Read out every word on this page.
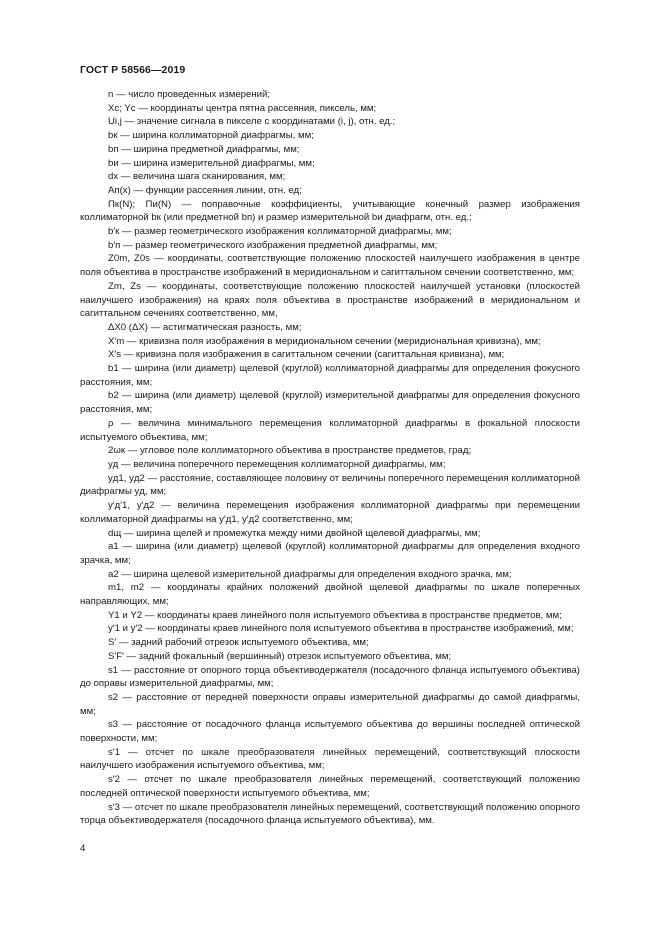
ГОСТ Р 58566—2019

n — число проведенных измерений;

Xc; Yc — координаты центра пятна рассеяния, пиксель, мм;

Ui,j — значение сигнала в пикселе с координатами (i, j), отн. ед.;

bк — ширина коллиматорной диафрагмы, мм;

bп — ширина предметной диафрагмы, мм;

bи — ширина измерительной диафрагмы, мм;

dx — величина шага сканирования, мм;

Aп(x) — функции рассеяния линии, отн. ед;

Πк(N); Πи(N) — поправочные коэффициенты, учитывающие конечный размер изображения коллиматорной bк (или предметной bп) и размер измерительной bи диафрагм, отн. ед.;

b′к — размер геометрического изображения коллиматорной диафрагмы, мм;

b′п — размер геометрического изображения предметной диафрагмы, мм;

Z0m, Z0s — координаты, соответствующие положению плоскостей наилучшего изображения в центре поля объектива в пространстве изображений в меридиональном и сагиттальном сечении соответственно, мм;

Zm, Zs — координаты, соответствующие положению плоскостей наилучшей установки (плоскостей наилучшего изображения) на краях поля объектива в пространстве изображений в меридиональном и сагиттальном сечениях соответственно, мм,

ΔX0 (ΔX) — астигматическая разность, мм;

X′m — кривизна поля изображения в меридиональном сечении (меридиональная кривизна), мм;

X′s — кривизна поля изображения в сагиттальном сечении (сагиттальная кривизна), мм;

b1 — ширина (или диаметр) щелевой (круглой) коллиматорной диафрагмы для определения фокусного расстояния, мм;

b2 — ширина (или диаметр) щелевой (круглой) измерительной диафрагмы для определения фокусного расстояния, мм;

ρ — величина минимального перемещения коллиматорной диафрагмы в фокальной плоскости испытуемого объектива, мм;

2ωк — угловое поле коллиматорного объектива в пространстве предметов, град;

yд — величина поперечного перемещения коллиматорной диафрагмы, мм;

yд1, yд2 — расстояние, составляющее половину от величины поперечного перемещения коллиматорной диафрагмы yд, мм;

y′д′1, y′д2 — величина перемещения изображения коллиматорной диафрагмы при перемещении коллиматорной диафрагмы на y′д1, y′д2 соответственно, мм;

dщ — ширина щелей и промежутка между ними двойной щелевой диафрагмы, мм;

a1 — ширина (или диаметр) щелевой (круглой) коллиматорной диафрагмы для определения входного зрачка, мм;

a2 — ширина щелевой измерительной диафрагмы для определения входного зрачка, мм;

m1, m2 — координаты крайних положений двойной щелевой диафрагмы по шкале поперечных направляющих, мм;

Y1 и Y2 — координаты краев линейного поля испытуемого объектива в пространстве предметов, мм;

y′1 и y′2 — координаты краев линейного поля испытуемого объектива в пространстве изображений, мм;

S′ — задний рабочий отрезок испытуемого объектива, мм;

S′F′ — задний фокальный (вершинный) отрезок испытуемого объектива, мм;

s1 — расстояние от опорного торца объективодержателя (посадочного фланца испытуемого объектива) до оправы измерительной диафрагмы, мм;

s2 — расстояние от передней поверхности оправы измерительной диафрагмы до самой диафрагмы, мм;

s3 — расстояние от посадочного фланца испытуемого объектива до вершины последней оптической поверхности, мм;

s′1 — отсчет по шкале преобразователя линейных перемещений, соответствующий плоскости наилучшего изображения испытуемого объектива, мм;

s′2 — отсчет по шкале преобразователя линейных перемещений, соответствующий положению последней оптической поверхности испытуемого объектива, мм;

s′3 — отсчет по шкале преобразователя линейных перемещений, соответствующий положению опорного торца объективодержателя (посадочного фланца испытуемого объектива), мм.

4
